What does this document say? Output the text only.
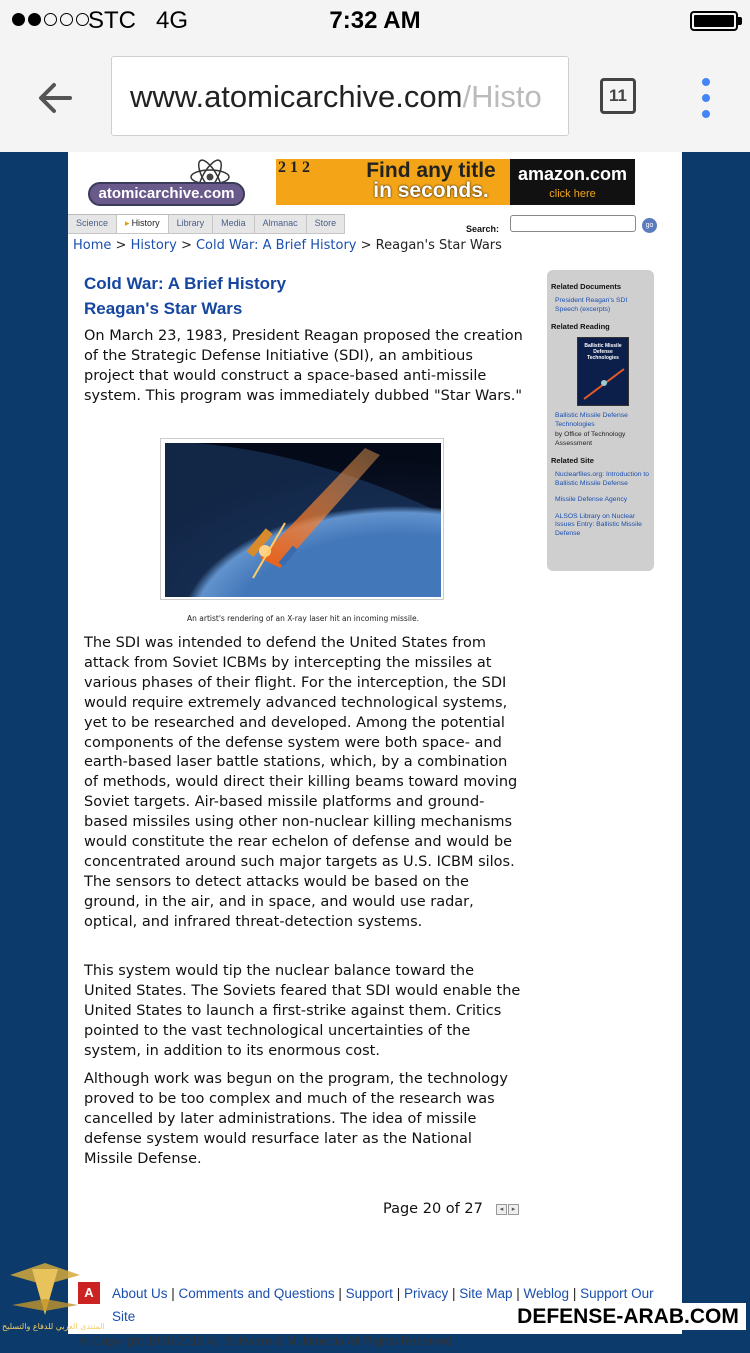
STC 4G	7:32 AM
www.atomicarchive.com/Histo	11
atomicarchive.com
2 1 2	Find any title
in seconds.
amazon.com
click here
Science
▸	History	Library	Media	Almanac	Store
Search:	go
Home > History > Cold War: A Brief History > Reagan's Star Wars
Cold War: A Brief History
Reagan's Star Wars
On March 23, 1983, President Reagan proposed the creation of the Strategic Defense Initiative (SDI), an ambitious project that would construct a space-based anti-missile system. This program was immediately dubbed "Star Wars."
An artist's rendering of an X-ray laser hit an incoming missile.
The SDI was intended to defend the United States from attack from Soviet ICBMs by intercepting the missiles at various phases of their flight. For the interception, the SDI would require extremely advanced technological systems, yet to be researched and developed. Among the potential components of the defense system were both space- and earth-based laser battle stations, which, by a combination of methods, would direct their killing beams toward moving Soviet targets. Air-based missile platforms and ground-based missiles using other non-nuclear killing mechanisms would constitute the rear echelon of defense and would be concentrated around such major targets as U.S. ICBM silos. The sensors to detect attacks would be based on the ground, in the air, and in space, and would use radar, optical, and infrared threat-detection systems.
This system would tip the nuclear balance toward the United States. The Soviets feared that SDI would enable the United States to launch a first-strike against them. Critics pointed to the vast technological uncertainties of the system, in addition to its enormous cost.
Although work was begun on the program, the technology proved to be too complex and much of the research was cancelled by later administrations. The idea of missile defense system would resurface later as the National Missile Defense.
Related Documents
President Reagan's SDI Speech (excerpts)
Related Reading
Ballistic Missile Defense Technologies
Ballistic Missile Defense Technologies
by Office of Technology Assessment
Related Site
Nuclearfiles.org: Introduction to Ballistic Missile Defense
Missile Defense Agency
ALSOS Library on Nuclear Issues Entry: Ballistic Missile Defense
Page 20 of 27	◂	▸
A	About Us | Comments and Questions | Support | Privacy | Site Map | Weblog | Support Our Site
© Copyright 1998-2015 AJ Software & Multimedia All Rights Reserved
المنتدى العربي للدفاع والتسليح	DEFENSE-ARAB.COM
